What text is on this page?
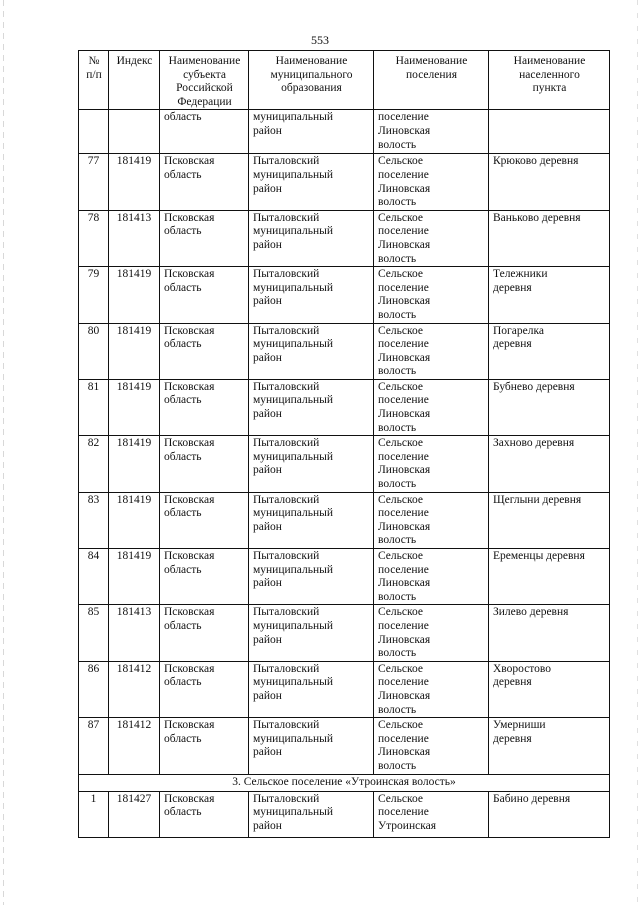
553
№
п/п	Индекс	Наименование
субъекта
Российской
Федерации	Наименование
муниципального
образования	Наименование
поселения	Наименование
населенного
пункта

		область	муниципальный
район	поселение
Линовская
волость	

77	181419	Псковская
область	Пыталовский
муниципальный
район	Сельское
поселение
Линовская
волость	Крюково деревня

78	181413	Псковская
область	Пыталовский
муниципальный
район	Сельское
поселение
Линовская
волость	Ваньково деревня

79	181419	Псковская
область	Пыталовский
муниципальный
район	Сельское
поселение
Линовская
волость	Тележники
деревня

80	181419	Псковская
область	Пыталовский
муниципальный
район	Сельское
поселение
Линовская
волость	Погарелка
деревня

81	181419	Псковская
область	Пыталовский
муниципальный
район	Сельское
поселение
Линовская
волость	Бубнево деревня

82	181419	Псковская
область	Пыталовский
муниципальный
район	Сельское
поселение
Линовская
волость	Захново деревня

83	181419	Псковская
область	Пыталовский
муниципальный
район	Сельское
поселение
Линовская
волость	Щеглыни деревня

84	181419	Псковская
область	Пыталовский
муниципальный
район	Сельское
поселение
Линовская
волость	Еременцы деревня

85	181413	Псковская
область	Пыталовский
муниципальный
район	Сельское
поселение
Линовская
волость	Зилево деревня

86	181412	Псковская
область	Пыталовский
муниципальный
район	Сельское
поселение
Линовская
волость	Хворостово
деревня

87	181412	Псковская
область	Пыталовский
муниципальный
район	Сельское
поселение
Линовская
волость	Умерниши
деревня

3. Сельское поселение «Утроинская волость»					

1	181427	Псковская
область	Пыталовский
муниципальный
район	Сельское
поселение
Утроинская	Бабино деревня
